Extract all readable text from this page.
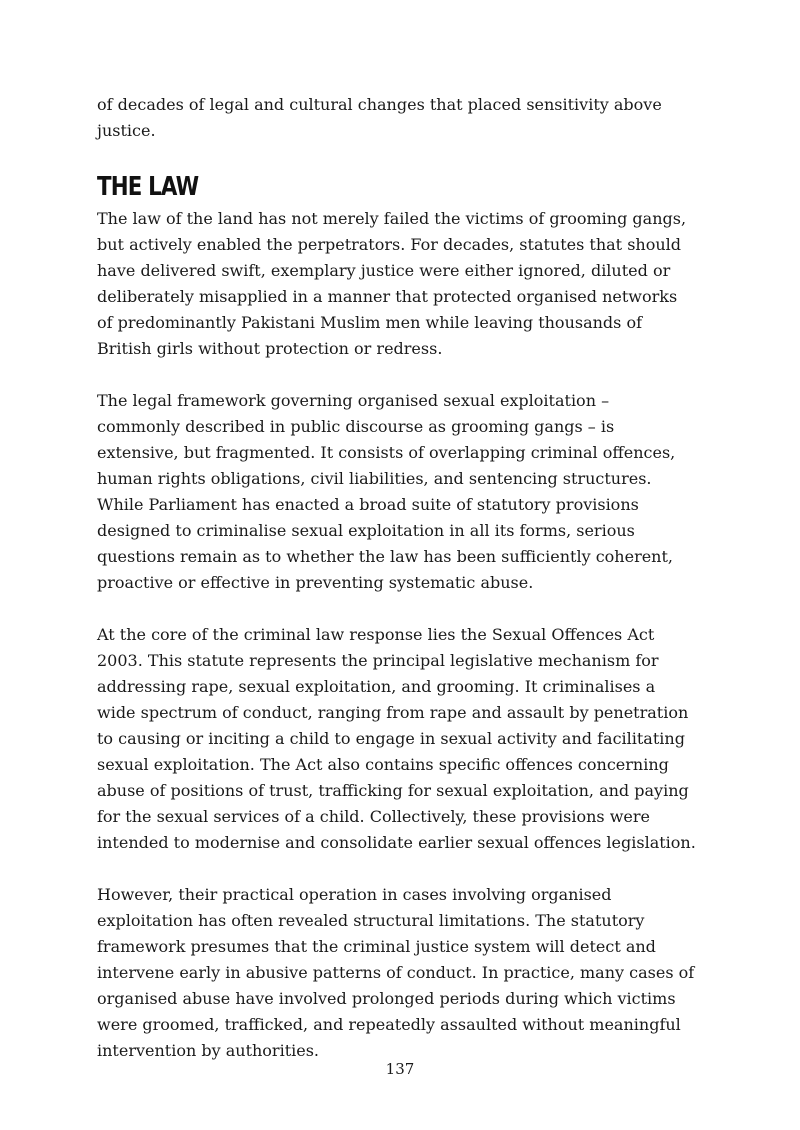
of decades of legal and cultural changes that placed sensitivity above justice.

THE LAW

The law of the land has not merely failed the victims of grooming gangs, but actively enabled the perpetrators. For decades, statutes that should have delivered swift, exemplary justice were either ignored, diluted or deliberately misapplied in a manner that protected organised networks of predominantly Pakistani Muslim men while leaving thousands of British girls without protection or redress.

The legal framework governing organised sexual exploitation – commonly described in public discourse as grooming gangs – is extensive, but fragmented. It consists of overlapping criminal offences, human rights obligations, civil liabilities, and sentencing structures. While Parliament has enacted a broad suite of statutory provisions designed to criminalise sexual exploitation in all its forms, serious questions remain as to whether the law has been sufficiently coherent, proactive or effective in preventing systematic abuse.

At the core of the criminal law response lies the Sexual Offences Act 2003. This statute represents the principal legislative mechanism for addressing rape, sexual exploitation, and grooming. It criminalises a wide spectrum of conduct, ranging from rape and assault by penetration to causing or inciting a child to engage in sexual activity and facilitating sexual exploitation. The Act also contains specific offences concerning abuse of positions of trust, trafficking for sexual exploitation, and paying for the sexual services of a child. Collectively, these provisions were intended to modernise and consolidate earlier sexual offences legislation.

However, their practical operation in cases involving organised exploitation has often revealed structural limitations. The statutory framework presumes that the criminal justice system will detect and intervene early in abusive patterns of conduct. In practice, many cases of organised abuse have involved prolonged periods during which victims were groomed, trafficked, and repeatedly assaulted without meaningful intervention by authorities.

137
